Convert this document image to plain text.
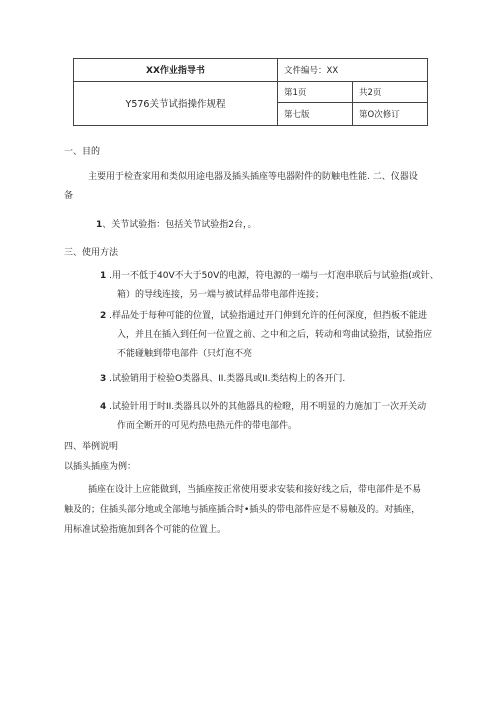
XX作业指导书	文件编号：XX	
Y576关节试指操作规程	第1页	共2页
	第七版	第O次修订
一、目的
主要用于检查家用和类似用途电器及插头插座等电器附件的防触电性能. 二、仪器设
备
1、关节试验指：包括关节试验指2台，。
三、使用方法
1 .用一不低于40V不大于50V的电源，符电源的一端与一灯泡串联后与试验指(或针、
箱）的导线连接，另一端与被试样品带电部件连接；
2 .样品处于每种可能的位置，试验指通过开门伸到允许的任何深度，但挡板不能进
入，并且在插入到任何一位置之前、之中和之后，转动和弯曲试验指，试验指应
不能碰触到带电部件（只灯泡不亮
3 .试验销用于检验O类器具、II.类器具或II.类结构上的各开门.
4 .试验针用于时II.类器具以外的其他器具的检瞪，用不明显的力施加丁一次开关动
作而全断开的可见灼热电热元件的带电部件。
四、举例说明
以插头插座为例：
插座在设计上应能做到，当插座按正常使用要求安装和接好线之后，带电部件是不易
触及的；住插头部分地或全部地与插座插合时•插头的带电部件应是不易触及的。对插座，
用标准试验指施加到各个可能的位置上。
